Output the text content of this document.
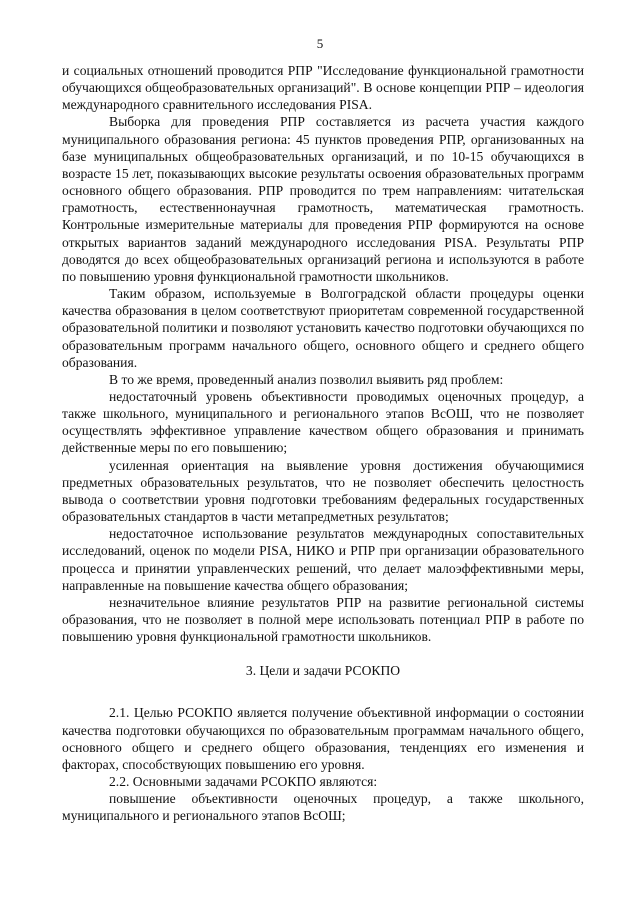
5

и социальных отношений проводится РПР "Исследование функциональной грамотности обучающихся общеобразовательных организаций". В основе концепции РПР – идеология международного сравнительного исследования PISA.

Выборка для проведения РПР составляется из расчета участия каждого муниципального образования региона: 45 пунктов проведения РПР, организованных на базе муниципальных общеобразовательных организаций, и по 10-15 обучающихся в возрасте 15 лет, показывающих высокие результаты освоения образовательных программ основного общего образования. РПР проводится по трем направлениям: читательская грамотность, естественнонаучная грамотность, математическая грамотность. Контрольные измерительные материалы для проведения РПР формируются на основе открытых вариантов заданий международного исследования PISA. Результаты РПР доводятся до всех общеобразовательных организаций региона и используются в работе по повышению уровня функциональной грамотности школьников.

Таким образом, используемые в Волгоградской области процедуры оценки качества образования в целом соответствуют приоритетам современной государственной образовательной политики и позволяют установить качество подготовки обучающихся по образовательным программ начального общего, основного общего и среднего общего образования.

В то же время, проведенный анализ позволил выявить ряд проблем:

недостаточный уровень объективности проводимых оценочных процедур, а также школьного, муниципального и регионального этапов ВсОШ, что не позволяет осуществлять эффективное управление качеством общего образования и принимать действенные меры по его повышению;

усиленная ориентация на выявление уровня достижения обучающимися предметных образовательных результатов, что не позволяет обеспечить целостность вывода о соответствии уровня подготовки требованиям федеральных государственных образовательных стандартов в части метапредметных результатов;

недостаточное использование результатов международных сопоставительных исследований, оценок по модели PISA, НИКО и РПР при организации образовательного процесса и принятии управленческих решений, что делает малоэффективными меры, направленные на повышение качества общего образования;

незначительное влияние результатов РПР на развитие региональной системы образования, что не позволяет в полной мере использовать потенциал РПР в работе по повышению уровня функциональной грамотности школьников.

3. Цели и задачи РСОКПО

2.1. Целью РСОКПО является получение объективной информации о состоянии качества подготовки обучающихся по образовательным программам начального общего, основного общего и среднего общего образования, тенденциях его изменения и факторах, способствующих повышению его уровня.

2.2. Основными задачами РСОКПО являются:

повышение объективности оценочных процедур, а также школьного, муниципального и регионального этапов ВсОШ;
